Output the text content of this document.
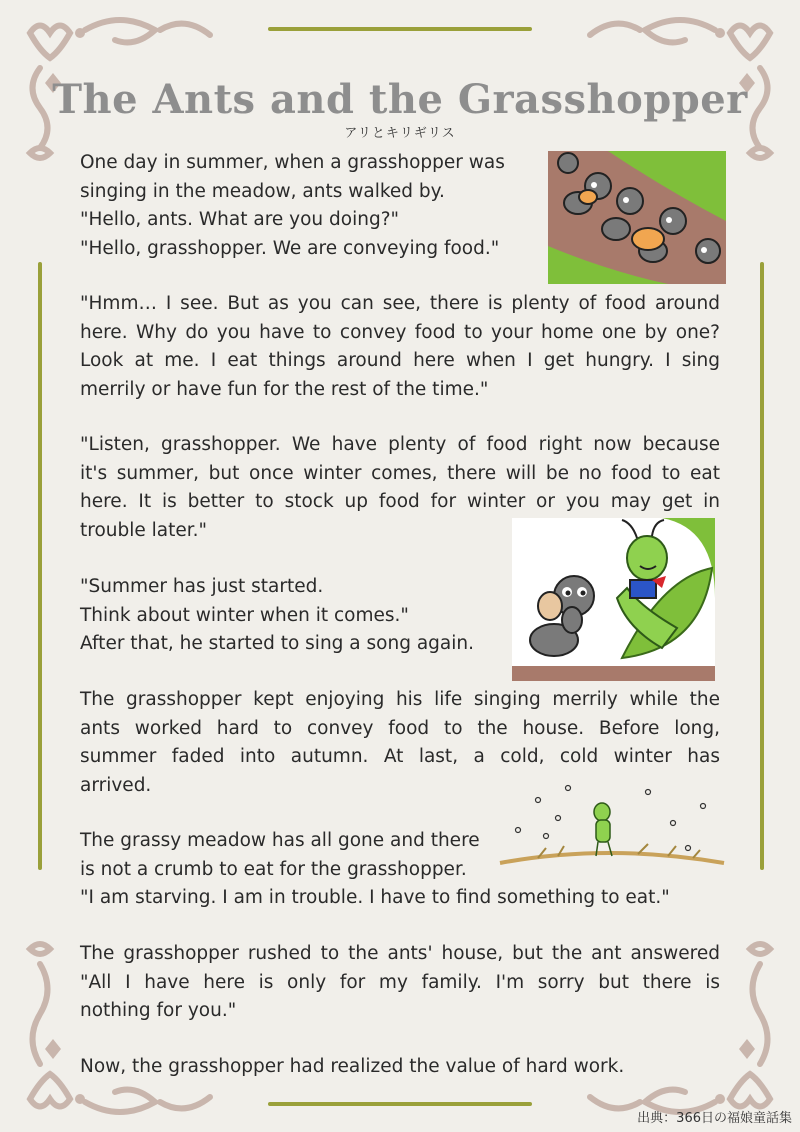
The Ants and the Grasshopper
アリとキリギリス

One day in summer, when a grasshopper was
singing in the meadow, ants walked by.
"Hello, ants. What are you doing?"
"Hello, grasshopper. We are conveying food."

"Hmm… I see. But as you can see, there is plenty of food around
here. Why do you have to convey food to your home one by one?
Look at me. I eat things around here when I get hungry. I sing
merrily or have fun for the rest of the time."

"Listen, grasshopper. We have plenty of food right now because
it's summer, but once winter comes, there will be no food to eat
here. It is better to stock up food for winter or you may get in
trouble later."

"Summer has just started.
Think about winter when it comes."
After that, he started to sing a song again.

The grasshopper kept enjoying his life singing merrily while the
ants worked hard to convey food to the house. Before long,
summer faded into autumn. At last, a cold, cold winter has
arrived.

The grassy meadow has all gone and there
is not a crumb to eat for the grasshopper.
"I am starving. I am in trouble. I have to find something to eat."

The grasshopper rushed to the ants' house, but the ant answered
"All I have here is only for my family. I'm sorry but there is
nothing for you."

Now, the grasshopper had realized the value of hard work.

出典：366日の福娘童話集
